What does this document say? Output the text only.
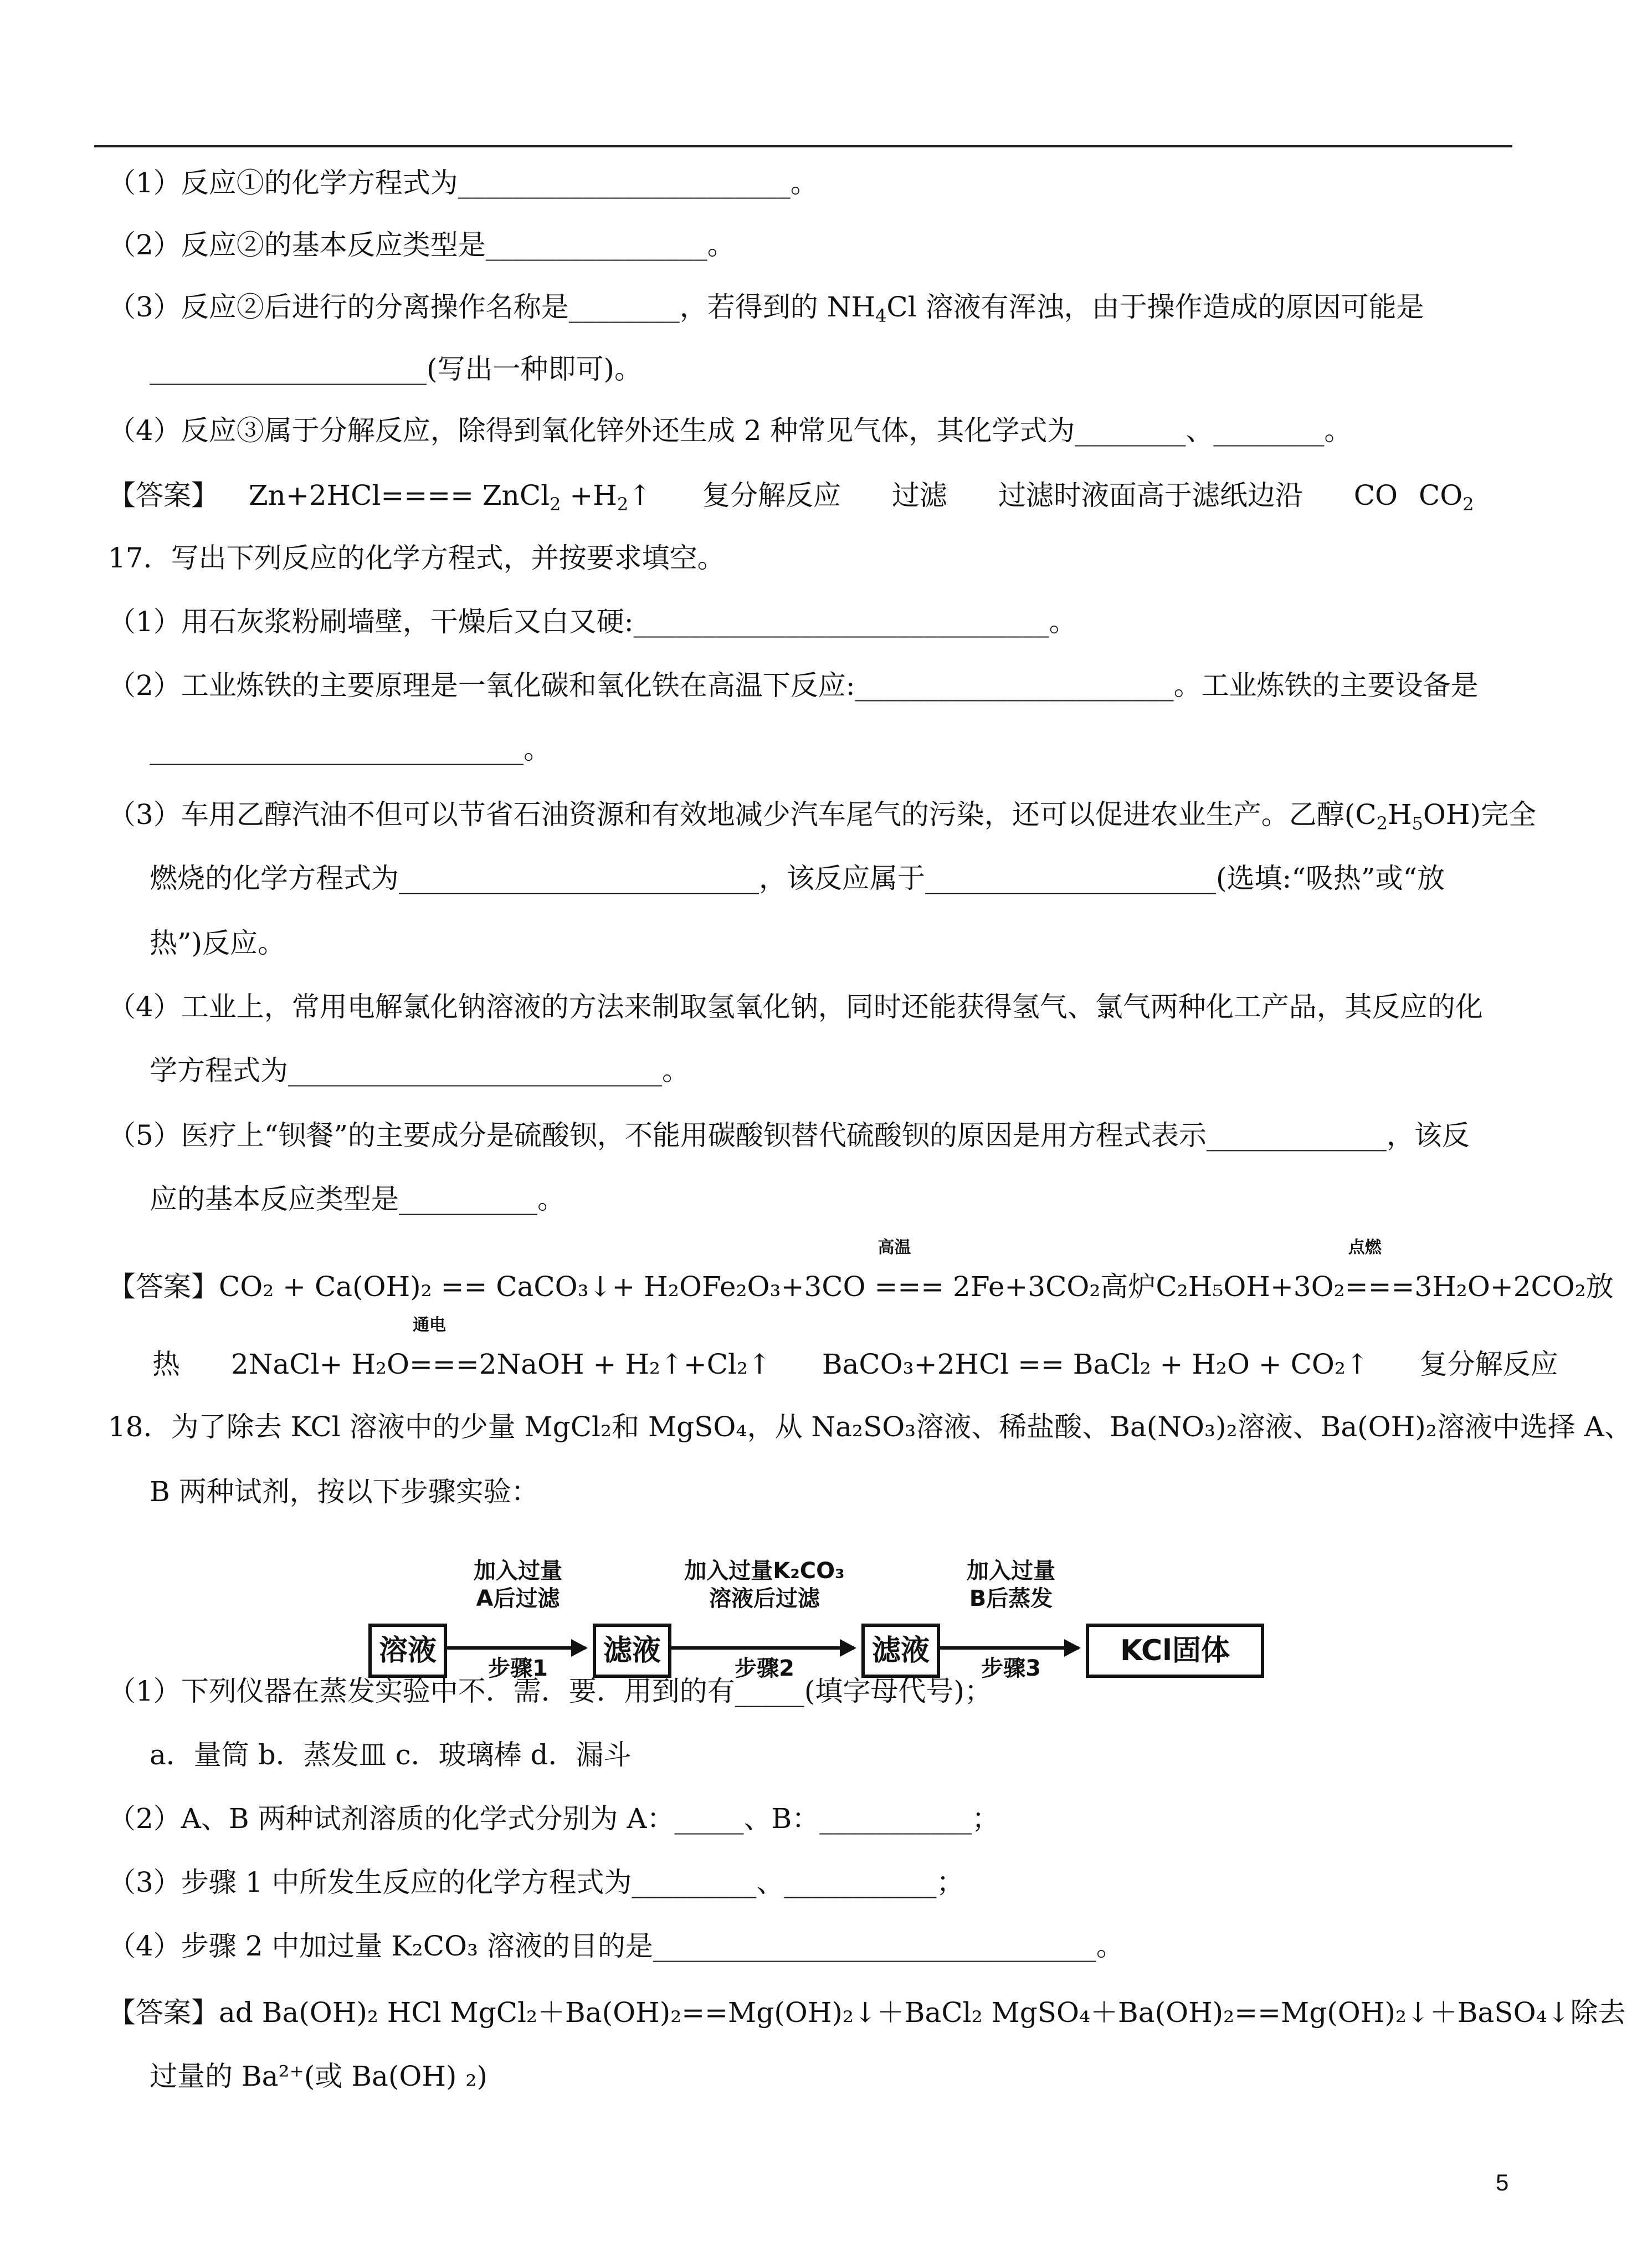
（1）反应①的化学方程式为________________________。
（2）反应②的基本反应类型是________________。
（3）反应②后进行的分离操作名称是________，若得到的 $NH_4Cl$ 溶液有浑浊，由于操作造成的原因可能是
____________________(写出一种即可)。
（4）反应③属于分解反应，除得到氧化锌外还生成 2 种常见气体，其化学式为________、________。
【答案】 Zn+2HCl==== ZnCl$_2$ $+H_2↑$ 复分解反应 过滤 过滤时液面高于滤纸边沿 CO $CO_2$
17．写出下列反应的化学方程式，并按要求填空。
（1）用石灰浆粉刷墙壁，干燥后又白又硬:______________________________。
（2）工业炼铁的主要原理是一氧化碳和氧化铁在高温下反应:_______________________。工业炼铁的主要设备是
___________________________。
（3）车用乙醇汽油不但可以节省石油资源和有效地减少汽车尾气的污染，还可以促进农业生产。乙醇$(C_2H_5OH)$完全
燃烧的化学方程式为__________________________，该反应属于_____________________(选填:“吸热”或“放
热”)反应。
（4）工业上，常用电解氯化钠溶液的方法来制取氢氧化钠，同时还能获得氢气、氯气两种化工产品，其反应的化
学方程式为___________________________。
（5）医疗上“钡餐”的主要成分是硫酸钡，不能用碳酸钡替代硫酸钡的原因是用方程式表示_____________，该反
应的基本反应类型是__________。
【答案】 CO₂ + Ca(OH)₂ == CaCO₃↓+ H₂O Fe₂O₃+3CO
高温
=== 2Fe+3CO₂ 高炉 C₂H₅OH+3O₂
点燃
===3H₂O+2CO₂ 放
热 2NaCl+ H₂O
通电
===2NaOH + H₂↑+Cl₂↑ BaCO₃+2HCl == BaCl₂ + H₂O + CO₂↑ 复分解反应
18．为了除去 KCl 溶液中的少量 MgCl₂和 MgSO₄，从 Na₂SO₃溶液、稀盐酸、Ba(NO₃)₂溶液、Ba(OH)₂溶液中选择 A、
B 两种试剂，按以下步骤实验：
溶液
加入过量
A后过滤
步骤1
滤液
加入过量K₂CO₃
溶液后过滤
步骤2
滤液
加入过量
B后蒸发
步骤3
KCl固体
（1）下列仪器在蒸发实验中不．需．要．用到的有_____(填字母代号)；
a．量筒 b．蒸发皿 c．玻璃棒 d．漏斗
（2）A、B 两种试剂溶质的化学式分别为 A：_____、B：___________；
（3）步骤 1 中所发生反应的化学方程式为_________、___________；
（4）步骤 2 中加过量 K₂CO₃ 溶液的目的是________________________________。
【答案】 ad Ba(OH)₂ HCl MgCl₂＋Ba(OH)₂==Mg(OH)₂↓＋BaCl₂ MgSO₄＋Ba(OH)₂==Mg(OH)₂↓＋BaSO₄↓ 除去
过量的 Ba²⁺(或 Ba(OH) ₂)
5
